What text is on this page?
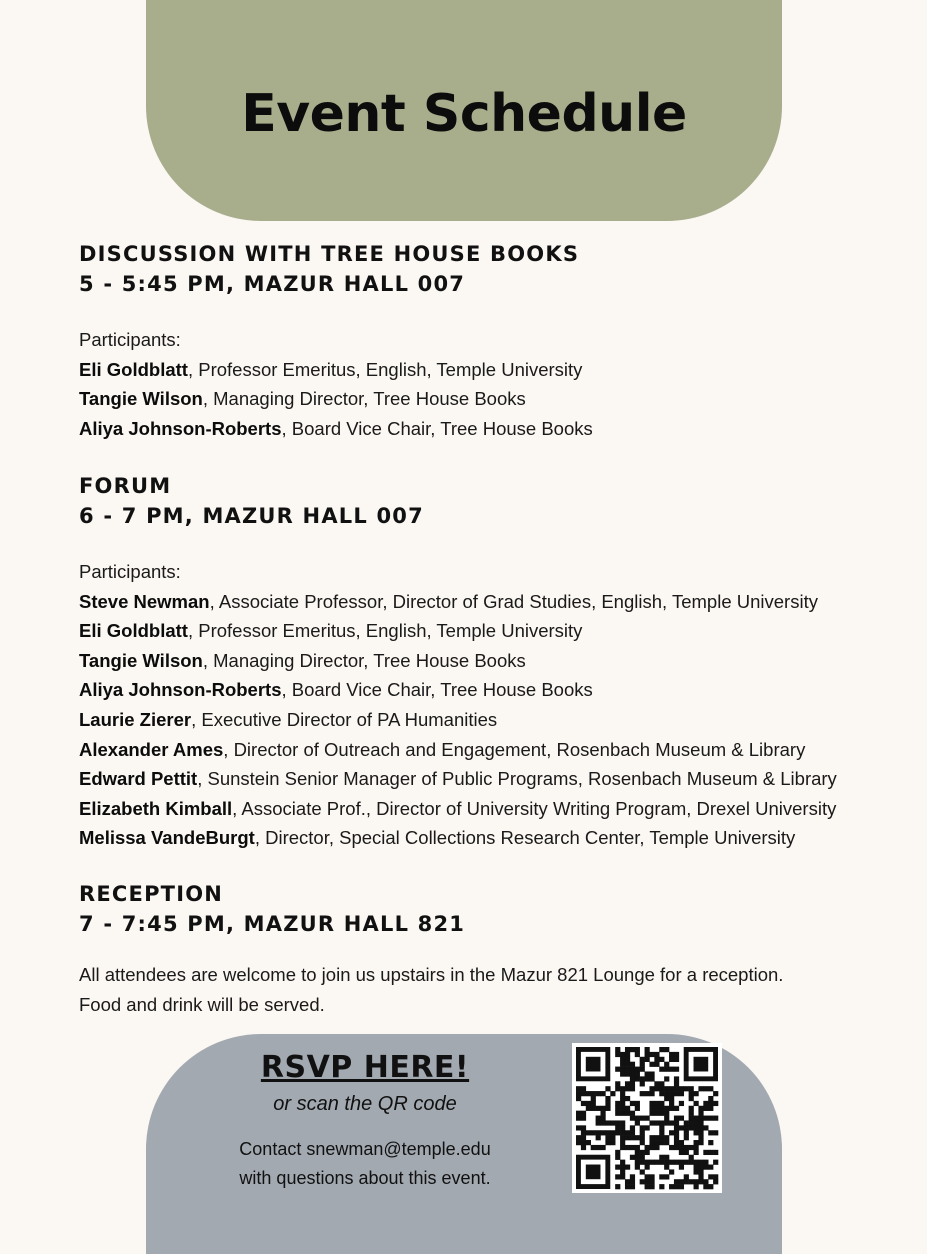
Event Schedule

DISCUSSION WITH TREE HOUSE BOOKS

5 - 5:45 PM, MAZUR HALL 007

Participants:
Eli Goldblatt, Professor Emeritus, English, Temple University
Tangie Wilson, Managing Director, Tree House Books
Aliya Johnson-Roberts, Board Vice Chair, Tree House Books

FORUM

6 - 7 PM, MAZUR HALL 007

Participants:
Steve Newman, Associate Professor, Director of Grad Studies, English, Temple University
Eli Goldblatt, Professor Emeritus, English, Temple University
Tangie Wilson, Managing Director, Tree House Books
Aliya Johnson-Roberts, Board Vice Chair, Tree House Books
Laurie Zierer, Executive Director of PA Humanities
Alexander Ames, Director of Outreach and Engagement, Rosenbach Museum & Library
Edward Pettit, Sunstein Senior Manager of Public Programs, Rosenbach Museum & Library
Elizabeth Kimball, Associate Prof., Director of University Writing Program, Drexel University
Melissa VandeBurgt, Director, Special Collections Research Center, Temple University

RECEPTION

7 - 7:45 PM, MAZUR HALL 821

All attendees are welcome to join us upstairs in the Mazur 821 Lounge for a reception. Food and drink will be served.
RSVP HERE!
or scan the QR code
Contact snewman@temple.edu
with questions about this event.
